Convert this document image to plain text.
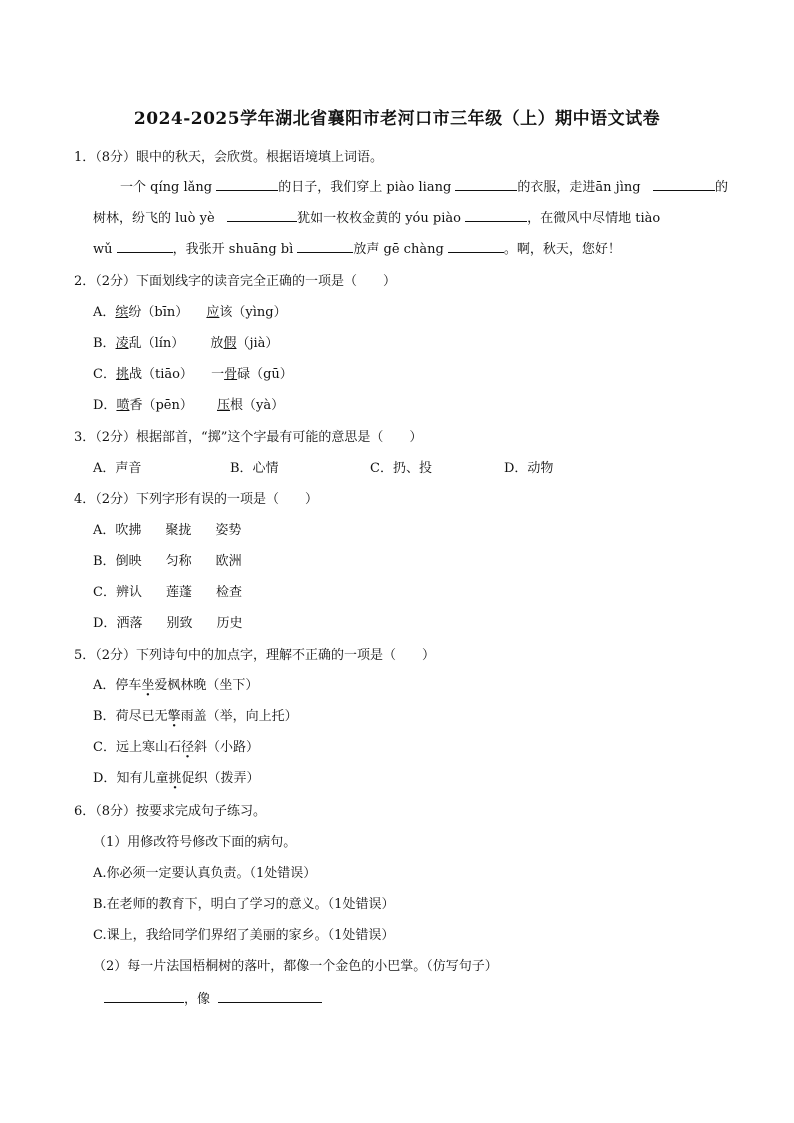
2024-2025学年湖北省襄阳市老河口市三年级（上）期中语文试卷
1．（8分）眼中的秋天，会欣赏。根据语境填上词语。
一个 qíng lǎng	的日子，我们穿上 piào liang	的衣服，走进ān jìng	的
树林，纷飞的 luò yè	犹如一枚枚金黄的 yóu piào	，在微风中尽情地 tiào
wǔ	，我张开 shuāng bì	放声 gē chàng	。啊，秋天，您好！
2．（2分）下面划线字的读音完全正确的一项是（　　）
A．缤纷（bīn） 应该（yìng）
B．凌乱（lín） 放假（jià）
C．挑战（tiāo） 一骨碌（gū）
D．喷香（pēn） 压根（yà）
3．（2分）根据部首，“掷”这个字最有可能的意思是（　　）
A．声音	B．心情	C．扔、投	D．动物
4．（2分）下列字形有误的一项是（　　）
A．吹拂 聚拢 姿势
B．倒映 匀称 欧洲
C．辨认 莲蓬 检查
D．洒落 别致 历史
5．（2分）下列诗句中的加点字，理解不正确的一项是（　　）
A．停车坐爱枫林晚（坐下）
B．荷尽已无擎雨盖（举，向上托）
C．远上寒山石径斜（小路）
D．知有儿童挑促织（拨弄）
6．（8分）按要求完成句子练习。
（1）用修改符号修改下面的病句。
A.你必须一定要认真负责。（1处错误）
B.在老师的教育下，明白了学习的意义。（1处错误）
C.课上，我给同学们界绍了美丽的家乡。（1处错误）
（2）每一片法国梧桐树的落叶，都像一个金色的小巴掌。（仿写句子）
，像
